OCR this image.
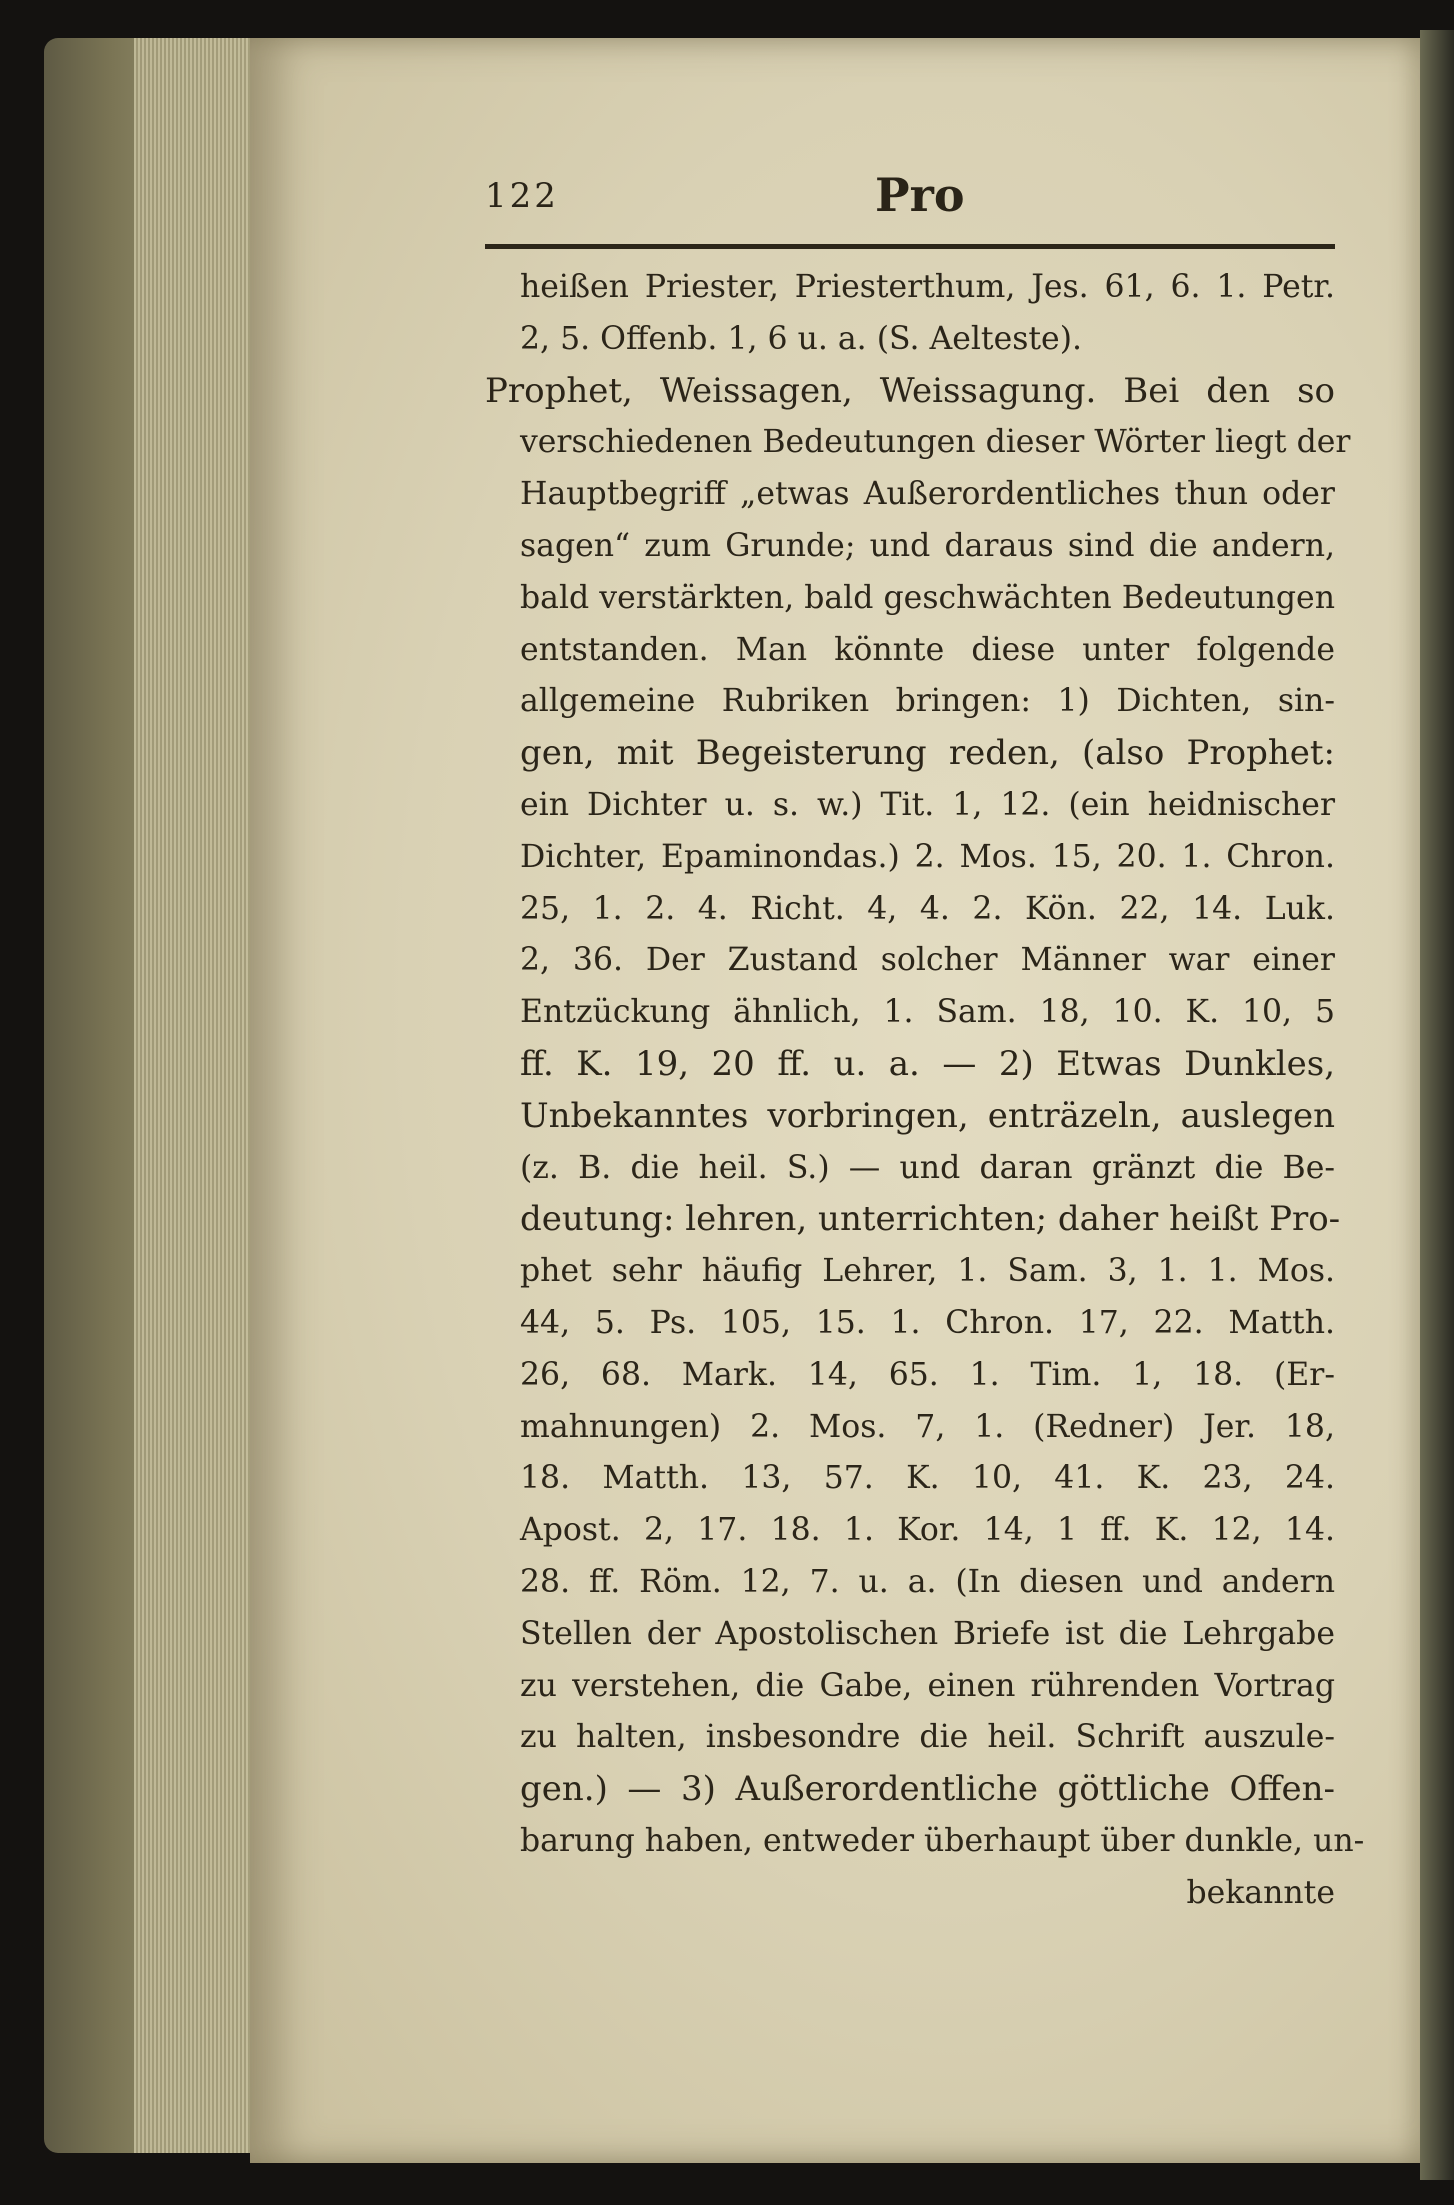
122	Pro
heißen Priester, Priesterthum, Jes. 61, 6. 1. Petr.
2, 5. Offenb. 1, 6 u. a. (S. Aelteste).
Prophet, Weissagen, Weissagung. Bei den so
verschiedenen Bedeutungen dieser Wörter liegt der
Hauptbegriff „etwas Außerordentliches thun oder
sagen“ zum Grunde; und daraus sind die andern,
bald verstärkten, bald geschwächten Bedeutungen
entstanden. Man könnte diese unter folgende
allgemeine Rubriken bringen: 1) Dichten, sin-
gen, mit Begeisterung reden, (also Prophet:
ein Dichter u. s. w.) Tit. 1, 12. (ein heidnischer
Dichter, Epaminondas.) 2. Mos. 15, 20. 1. Chron.
25, 1. 2. 4. Richt. 4, 4. 2. Kön. 22, 14. Luk.
2, 36. Der Zustand solcher Männer war einer
Entzückung ähnlich, 1. Sam. 18, 10. K. 10, 5
ff. K. 19, 20 ff. u. a. — 2) Etwas Dunkles,
Unbekanntes vorbringen, enträzeln, auslegen
(z. B. die heil. S.) — und daran gränzt die Be-
deutung: lehren, unterrichten; daher heißt Pro-
phet sehr häufig Lehrer, 1. Sam. 3, 1. 1. Mos.
44, 5. Ps. 105, 15. 1. Chron. 17, 22. Matth.
26, 68. Mark. 14, 65. 1. Tim. 1, 18. (Er-
mahnungen) 2. Mos. 7, 1. (Redner) Jer. 18,
18. Matth. 13, 57. K. 10, 41. K. 23, 24.
Apost. 2, 17. 18. 1. Kor. 14, 1 ff. K. 12, 14.
28. ff. Röm. 12, 7. u. a. (In diesen und andern
Stellen der Apostolischen Briefe ist die Lehrgabe
zu verstehen, die Gabe, einen rührenden Vortrag
zu halten, insbesondre die heil. Schrift auszule-
gen.) — 3) Außerordentliche göttliche Offen-
barung haben, entweder überhaupt über dunkle, un-
bekannte
